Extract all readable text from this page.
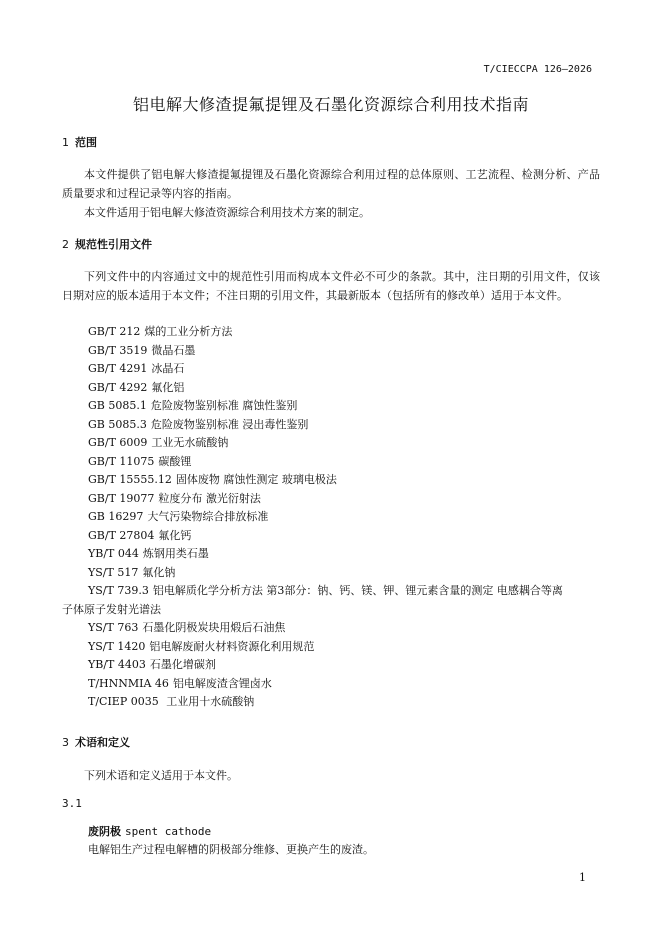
T/CIECCPA 126—2026
铝电解大修渣提氟提锂及石墨化资源综合利用技术指南
1 范围

本文件提供了铝电解大修渣提氟提锂及石墨化资源综合利用过程的总体原则、工艺流程、检测分析、产品质量要求和过程记录等内容的指南。

本文件适用于铝电解大修渣资源综合利用技术方案的制定。

2 规范性引用文件

下列文件中的内容通过文中的规范性引用而构成本文件必不可少的条款。其中，注日期的引用文件，仅该日期对应的版本适用于本文件；不注日期的引用文件，其最新版本（包括所有的修改单）适用于本文件。

GB/T 212 煤的工业分析方法
GB/T 3519 微晶石墨
GB/T 4291 冰晶石
GB/T 4292 氟化铝
GB 5085.1 危险废物鉴别标准 腐蚀性鉴别
GB 5085.3 危险废物鉴别标准 浸出毒性鉴别
GB/T 6009 工业无水硫酸钠
GB/T 11075 碳酸锂
GB/T 15555.12 固体废物 腐蚀性测定 玻璃电极法
GB/T 19077 粒度分布 激光衍射法
GB 16297 大气污染物综合排放标准
GB/T 27804 氟化钙
YB/T 044 炼钢用类石墨
YS/T 517 氟化钠
YS/T 739.3 铝电解质化学分析方法 第3部分：钠、钙、镁、钾、锂元素含量的测定 电感耦合等离
子体原子发射光谱法
YS/T 763 石墨化阴极炭块用煅后石油焦
YS/T 1420 铝电解废耐火材料资源化利用规范
YB/T 4403 石墨化增碳剂
T/HNNMIA 46 铝电解废渣含锂卤水
T/CIEP 0035 工业用十水硫酸钠
3 术语和定义

下列术语和定义适用于本文件。

3.1
废阴极 spent cathode
电解铝生产过程电解槽的阴极部分维修、更换产生的废渣。
1
